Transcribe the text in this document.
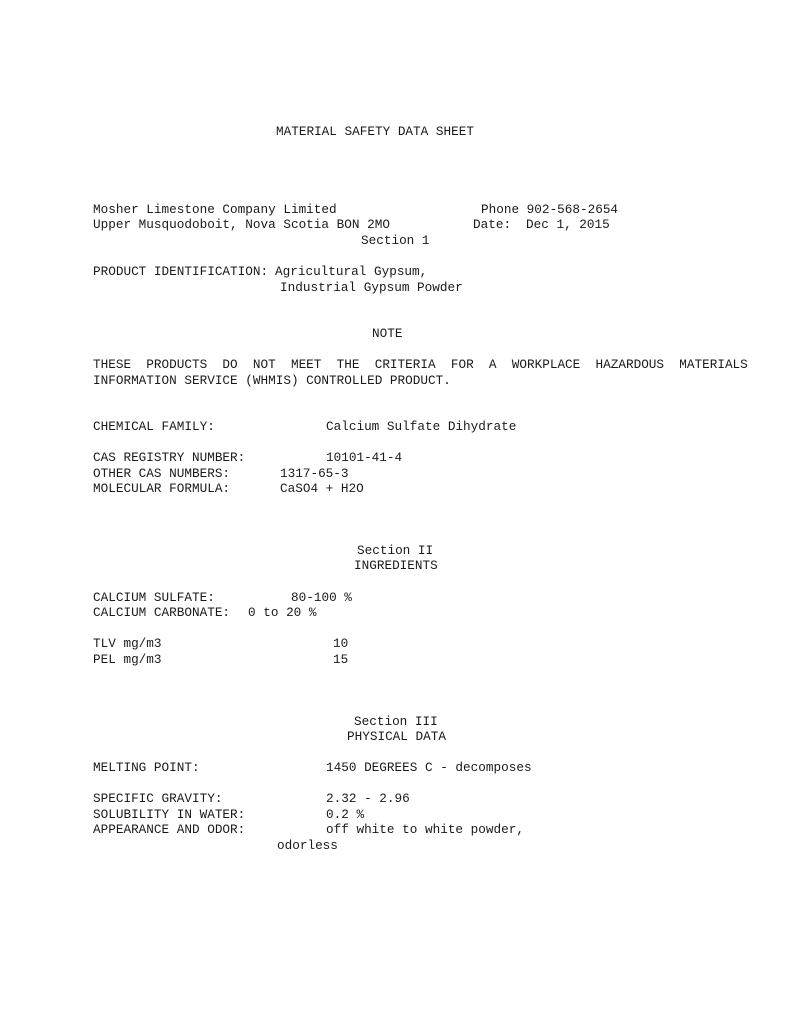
MATERIAL SAFETY DATA SHEET
Mosher Limestone Company Limited	Phone 902-568-2654
Upper Musquodoboit, Nova Scotia BON 2MO	Date: Dec 1, 2015
Section 1
PRODUCT IDENTIFICATION: Agricultural Gypsum,
Industrial Gypsum Powder
NOTE
THESE  PRODUCTS  DO  NOT  MEET  THE  CRITERIA  FOR  A  WORKPLACE  HAZARDOUS  MATERIALS
INFORMATION SERVICE (WHMIS) CONTROLLED PRODUCT.
CHEMICAL FAMILY:	Calcium Sulfate Dihydrate
CAS REGISTRY NUMBER:	10101-41-4
OTHER CAS NUMBERS:	1317-65-3
MOLECULAR FORMULA:	CaSO4 + H2O
Section II
INGREDIENTS
CALCIUM SULFATE:	80-100 %
CALCIUM CARBONATE: 0 to 20 %
TLV mg/m3	10
PEL mg/m3	15
Section III
PHYSICAL DATA
MELTING POINT:	1450 DEGREES C - decomposes
SPECIFIC GRAVITY:	2.32 - 2.96
SOLUBILITY IN WATER:	0.2 %
APPEARANCE AND ODOR:	off white to white powder,
odorless
